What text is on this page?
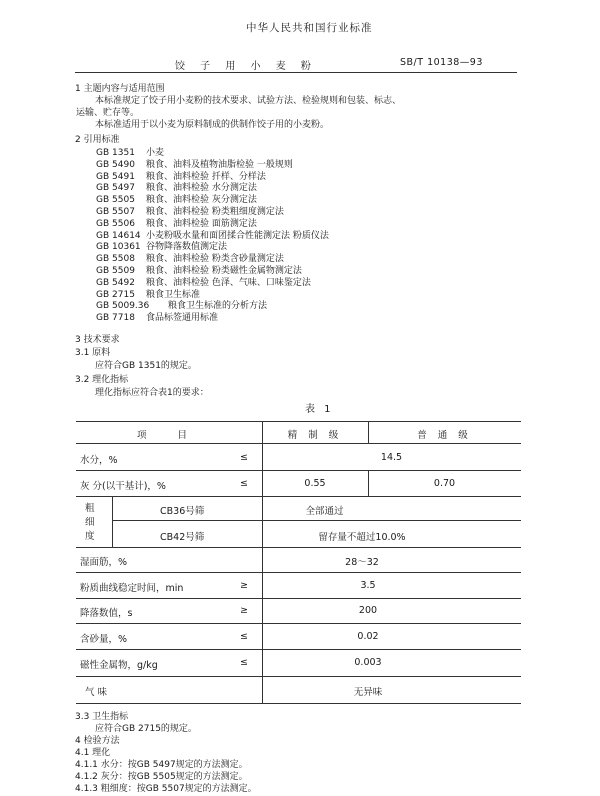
中华人民共和国行业标准
饺 子 用 小 麦 粉	SB/T 10138—93
1 主题内容与适用范围
本标准规定了饺子用小麦粉的技术要求、试验方法、检验规则和包装、标志、
运输、贮存等。
本标准适用于以小麦为原料制成的供制作饺子用的小麦粉。
2 引用标准
GB 1351 小麦
GB 5490 粮食、油料及植物油脂检验 一般规则
GB 5491 粮食、油料检验 扦样、分样法
GB 5497 粮食、油料检验 水分测定法
GB 5505 粮食、油料检验 灰分测定法
GB 5507 粮食、油料检验 粉类粗细度测定法
GB 5506 粮食、油料检验 面筋测定法
GB 14614 小麦粉吸水量和面团揉合性能测定法 粉质仪法
GB 10361 谷物降落数值测定法
GB 5508 粮食、油料检验 粉类含砂量测定法
GB 5509 粮食、油料检验 粉类磁性金属物测定法
GB 5492 粮食、油料检验 色泽、气味、口味鉴定法
GB 2715 粮食卫生标准
GB 5009.36 粮食卫生标准的分析方法
GB 7718 食品标签通用标准
3 技术要求
3.1 原料
应符合GB 1351的规定。
3.2 理化指标
理化指标应符合表1的要求：
表 1
项 目	精 制 级	普 通 级
水分，%	≤	14.5
灰 分(以干基计)，%	≤	0.55	0.70
粗细度
CB36号筛	全部通过
CB42号筛	留存量不超过10.0%
湿面筋，%	28～32
粉质曲线稳定时间，min	≥	3.5
降落数值，s	≥	200
含砂量，%	≤	0.02
磁性金属物，g/kg	≤	0.003
气 味	无异味
3.3 卫生指标
应符合GB 2715的规定。
4 检验方法
4.1 理化
4.1.1 水分：按GB 5497规定的方法测定。
4.1.2 灰分：按GB 5505规定的方法测定。
4.1.3 粗细度：按GB 5507规定的方法测定。
